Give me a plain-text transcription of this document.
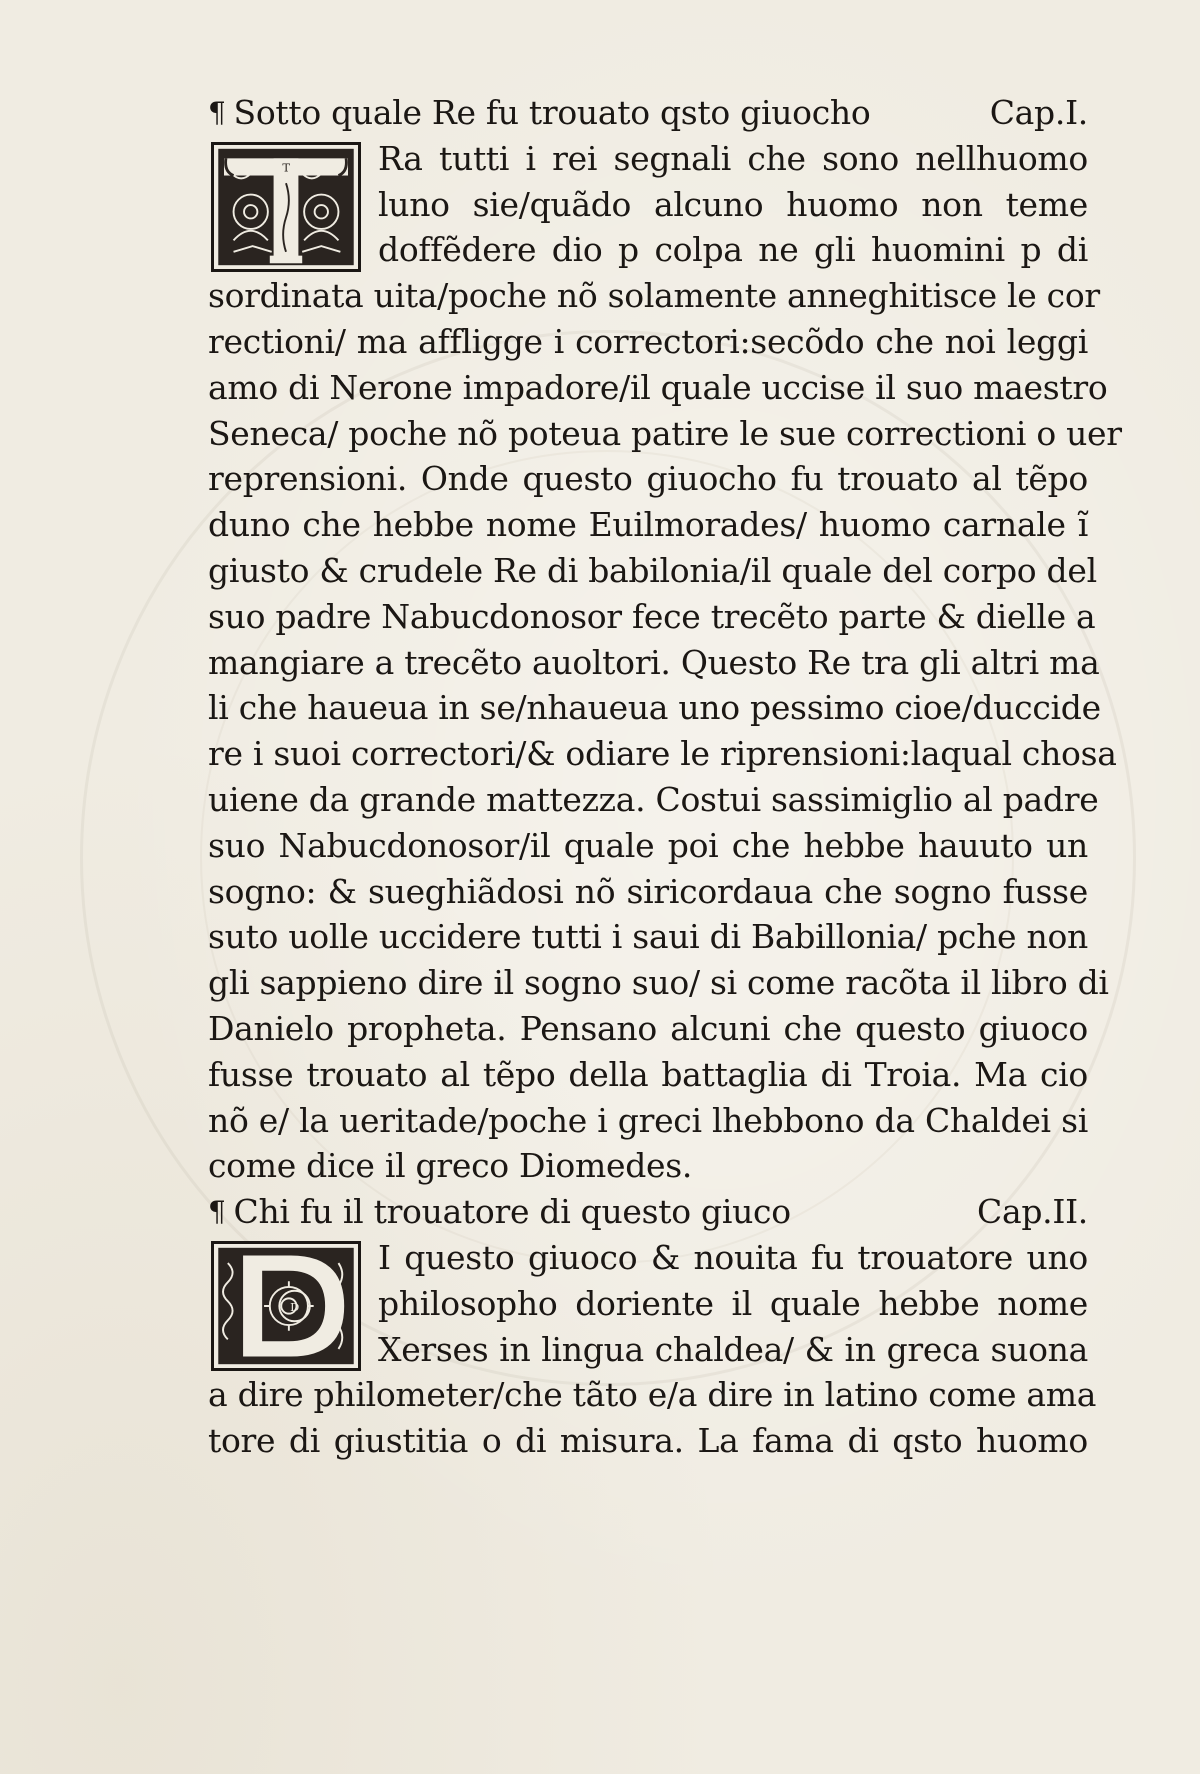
¶ Sotto quale Re fu trouato qsto giuocho	Cap.I.
T	Ra tutti i rei segnali che sono nellhuomo
luno sie/quãdo alcuno huomo non teme
doffẽdere dio p colpa ne gli huomini p di
sordinata uita/poche nõ solamente anneghitisce le cor
rectioni/ ma affligge i correctori:secõdo che noi leggi
amo di Nerone impadore/il quale uccise il suo maestro
Seneca/ poche nõ poteua patire le sue correctioni o uer
reprensioni. Onde questo giuocho fu trouato al tẽpo
duno che hebbe nome Euilmorades/ huomo carnale ĩ
giusto & crudele Re di babilonia/il quale del corpo del
suo padre Nabucdonosor fece trecẽto parte & dielle a
mangiare a trecẽto auoltori. Questo Re tra gli altri ma
li che haueua in se/nhaueua uno pessimo cioe/duccide
re i suoi correctori/& odiare le riprensioni:laqual chosa
uiene da grande mattezza. Costui sassimiglio al padre
suo Nabucdonosor/il quale poi che hebbe hauuto un
sogno: & sueghiãdosi nõ siricordaua che sogno fusse
suto uolle uccidere tutti i saui di Babillonia/ pche non
gli sappieno dire il sogno suo/ si come racõta il libro di
Danielo propheta. Pensano alcuni che questo giuoco
fusse trouato al tẽpo della battaglia di Troia. Ma cio
nõ e/ la ueritade/poche i greci lhebbono da Chaldei si
come dice il greco Diomedes.
¶ Chi fu il trouatore di questo giuco	Cap.II.
D
I questo giuoco & nouita fu trouatore uno
philosopho doriente il quale hebbe nome
Xerses in lingua chaldea/ & in greca suona
a dire philometer/che tãto e/a dire in latino come ama
tore di giustitia o di misura. La fama di qsto huomo
